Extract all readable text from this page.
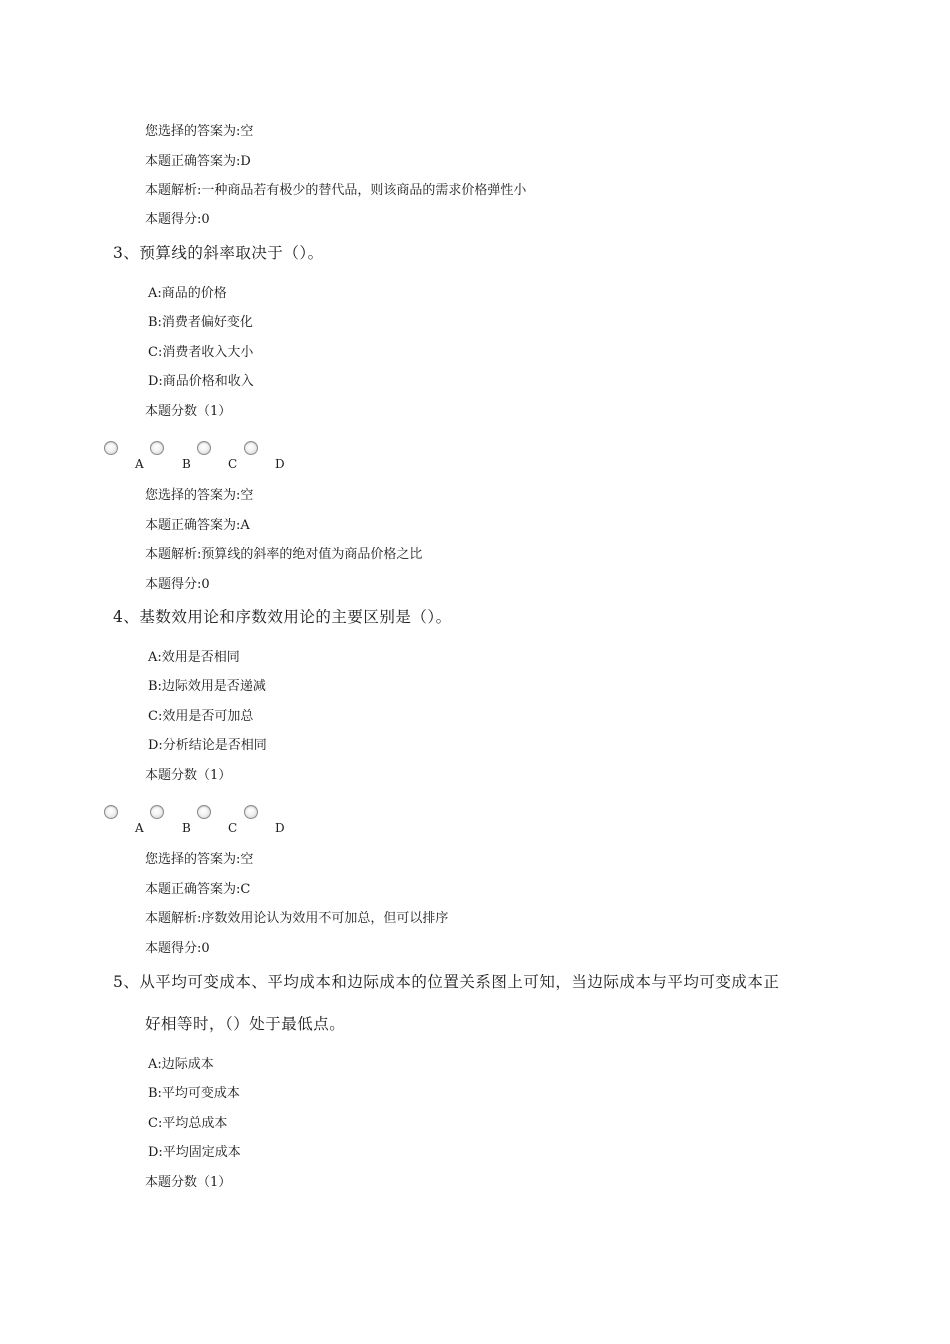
您选择的答案为:空
本题正确答案为:D
本题解析:一种商品若有极少的替代品，则该商品的需求价格弹性小
本题得分:0
3、预算线的斜率取决于（）。
A:商品的价格
B:消费者偏好变化
C:消费者收入大小
D:商品价格和收入
本题分数（1）
A	B	C	D
您选择的答案为:空
本题正确答案为:A
本题解析:预算线的斜率的绝对值为商品价格之比
本题得分:0
4、基数效用论和序数效用论的主要区别是（）。
A:效用是否相同
B:边际效用是否递减
C:效用是否可加总
D:分析结论是否相同
本题分数（1）
A	B	C	D
您选择的答案为:空
本题正确答案为:C
本题解析:序数效用论认为效用不可加总，但可以排序
本题得分:0
5、从平均可变成本、平均成本和边际成本的位置关系图上可知，当边际成本与平均可变成本正
好相等时，（）处于最低点。
A:边际成本
B:平均可变成本
C:平均总成本
D:平均固定成本
本题分数（1）
